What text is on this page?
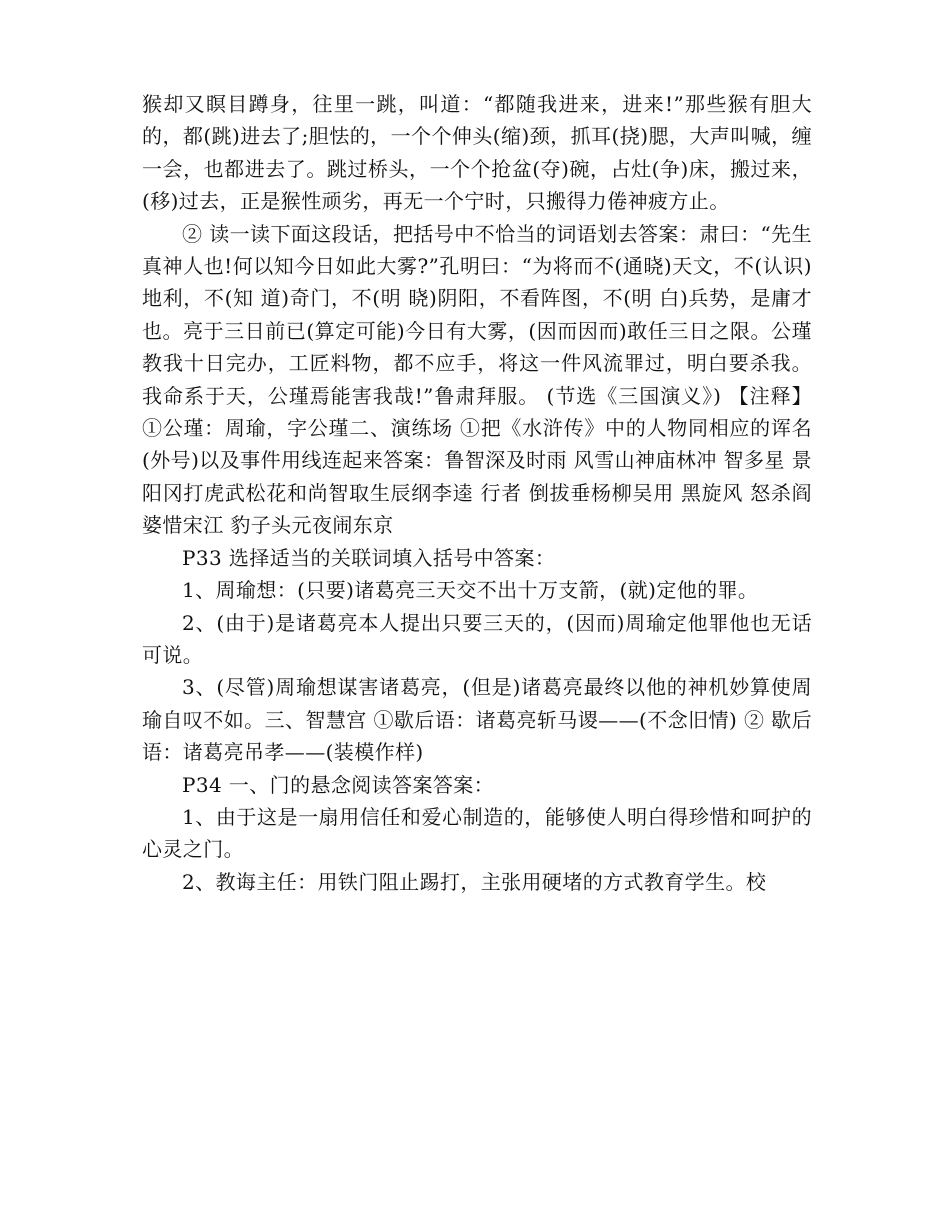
猴却又瞑目蹲身，往里一跳，叫道：“都随我进来，进来!”那些猴有胆大的，都(跳)进去了;胆怯的，一个个伸头(缩)颈，抓耳(挠)腮，大声叫喊，缠一会，也都进去了。跳过桥头，一个个抢盆(夺)碗，占灶(争)床，搬过来，(移)过去，正是猴性顽劣，再无一个宁时，只搬得力倦神疲方止。

② 读一读下面这段话，把括号中不恰当的词语划去答案：肃曰：“先生真神人也!何以知今日如此大雾?”孔明曰：“为将而不(通晓)天文，不(认识)地利，不(知 道)奇门，不(明 晓)阴阳，不看阵图，不(明 白)兵势，是庸才也。亮于三日前已(算定可能)今日有大雾，(因而因而)敢任三日之限。公瑾教我十日完办，工匠料物，都不应手，将这一件风流罪过，明白要杀我。我命系于天，公瑾焉能害我哉!”鲁肃拜服。 (节选《三国演义》) 【注释】①公瑾：周瑜，字公瑾二、演练场 ①把《水浒传》中的人物同相应的诨名(外号)以及事件用线连起来答案：鲁智深及时雨 风雪山神庙林冲 智多星 景阳冈打虎武松花和尚智取生辰纲李逵 行者 倒拔垂杨柳吴用 黑旋风 怒杀阎婆惜宋江 豹子头元夜闹东京

P33 选择适当的关联词填入括号中答案：

1、周瑜想：(只要)诸葛亮三天交不出十万支箭，(就)定他的罪。

2、(由于)是诸葛亮本人提出只要三天的，(因而)周瑜定他罪他也无话可说。

3、(尽管)周瑜想谋害诸葛亮，(但是)诸葛亮最终以他的神机妙算使周瑜自叹不如。三、智慧宫 ①歇后语：诸葛亮斩马谡——(不念旧情) ② 歇后语：诸葛亮吊孝——(装模作样)

P34 一、门的悬念阅读答案答案：

1、由于这是一扇用信任和爱心制造的，能够使人明白得珍惜和呵护的心灵之门。

2、教诲主任：用铁门阻止踢打，主张用硬堵的方式教育学生。校
